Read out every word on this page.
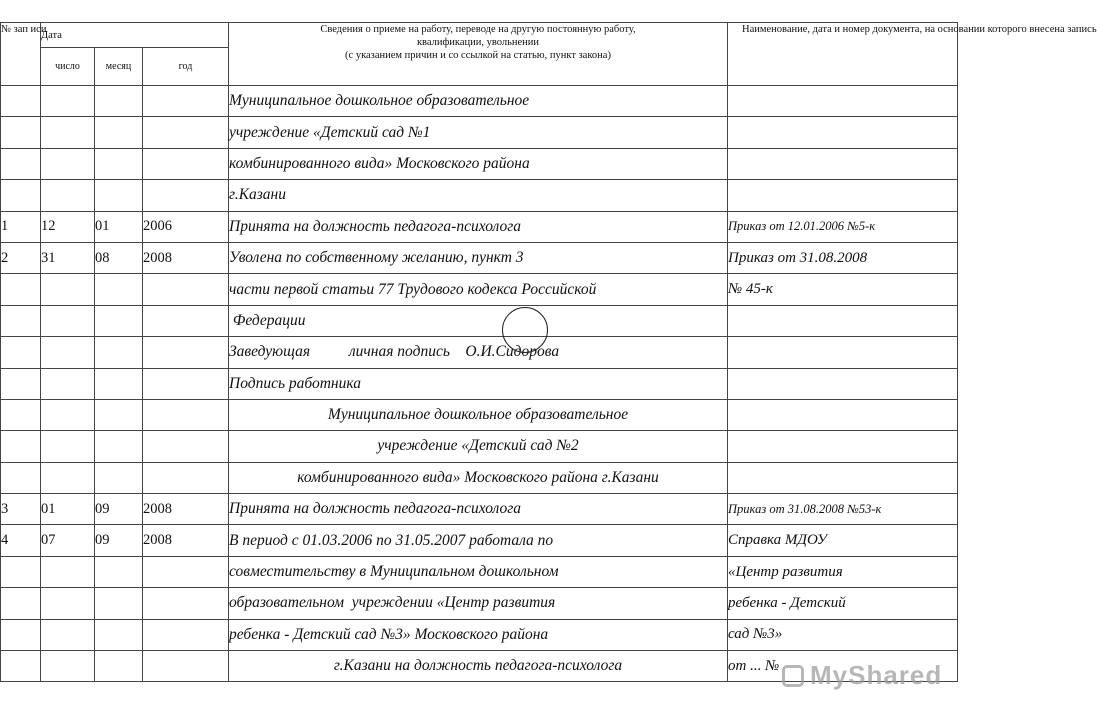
№ зап иси	Дата			Сведения о приеме на работу, переводе на другую постоянную работу,
квалификации, увольнении
(с указанием причин и со ссылкой на статью, пункт закона)	Наименование, дата и номер документа, на основании которого внесена запись
	число	месяц	год		
				Муниципальное дошкольное образовательное	
				учреждение «Детский сад №1	
				комбинированного вида» Московского района	
				г.Казани	
1	12	01	2006	Принята на должность педагога-психолога	Приказ от 12.01.2006 №5-к
2	31	08	2008	Уволена по собственному желанию, пункт 3	Приказ от 31.08.2008
				части первой статьи 77 Трудового кодекса Российской	№ 45-к
				Федерации	
				Заведующая          личная подпись    О.И.Сидорова	
				Подпись работника	
				Муниципальное дошкольное образовательное	
				учреждение «Детский сад №2	
				комбинированного вида» Московского района г.Казани	
3	01	09	2008	Принята на должность педагога-психолога	Приказ от 31.08.2008 №53-к
4	07	09	2008	В период с 01.03.2006 по 31.05.2007 работала по	Справка МДОУ
				совместительству в Муниципальном дошкольном	«Центр развития
				образовательном  учреждении «Центр развития	ребенка - Детский
				ребенка - Детский сад №3» Московского района	сад №3»
				г.Казани на должность педагога-психолога	от ... №	MyShared
